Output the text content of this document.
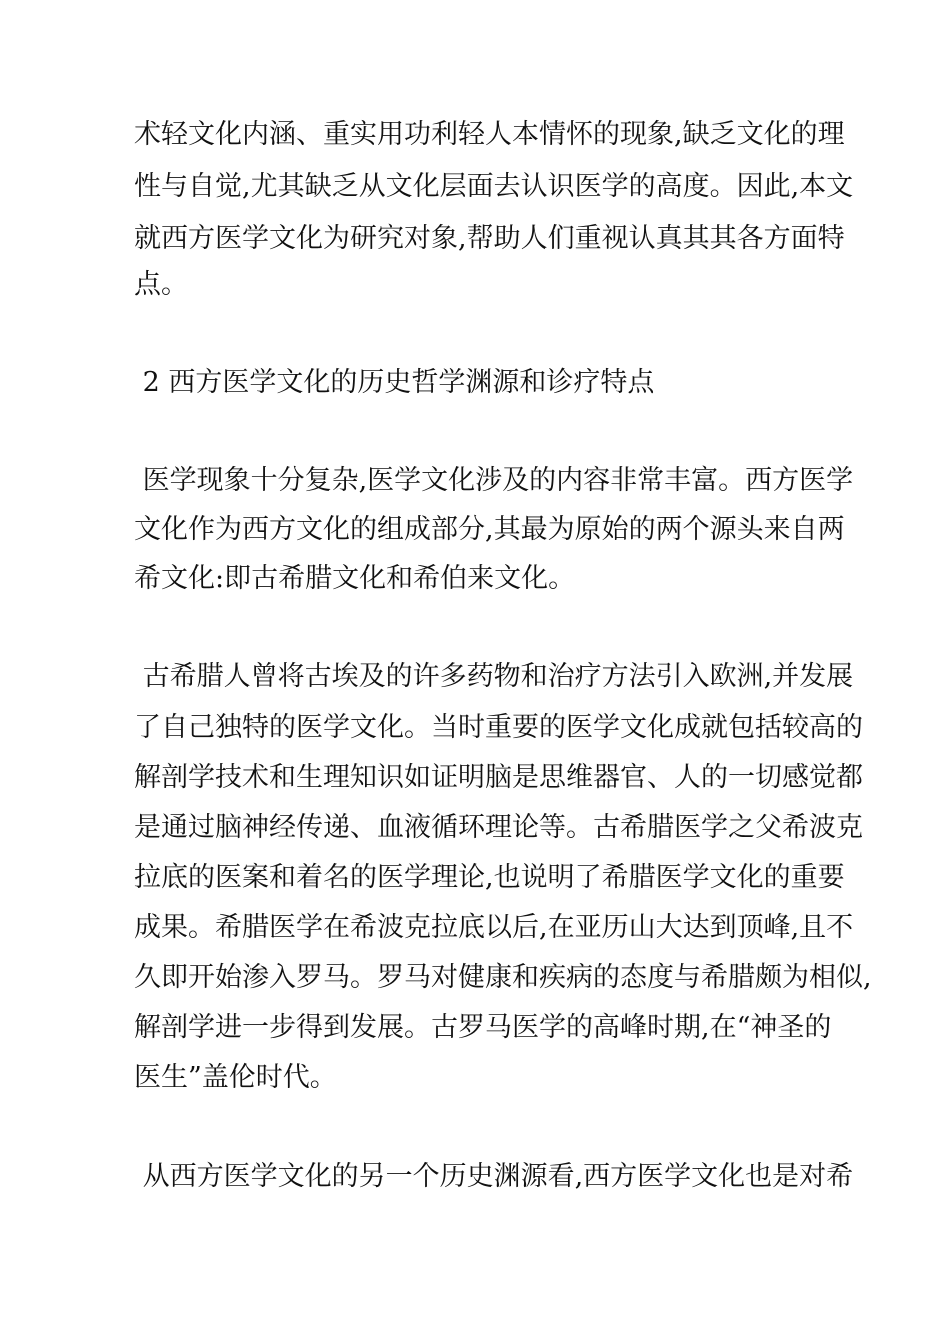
术轻文化内涵、重实用功利轻人本情怀的现象,缺乏文化的理

性与自觉,尤其缺乏从文化层面去认识医学的高度。因此,本文

就西方医学文化为研究对象,帮助人们重视认真其其各方面特

点。

2 西方医学文化的历史哲学渊源和诊疗特点

医学现象十分复杂,医学文化涉及的内容非常丰富。西方医学

文化作为西方文化的组成部分,其最为原始的两个源头来自两

希文化:即古希腊文化和希伯来文化。

古希腊人曾将古埃及的许多药物和治疗方法引入欧洲,并发展

了自己独特的医学文化。当时重要的医学文化成就包括较高的

解剖学技术和生理知识如证明脑是思维器官、人的一切感觉都

是通过脑神经传递、血液循环理论等。古希腊医学之父希波克

拉底的医案和着名的医学理论,也说明了希腊医学文化的重要

成果。希腊医学在希波克拉底以后,在亚历山大达到顶峰,且不

久即开始渗入罗马。罗马对健康和疾病的态度与希腊颇为相似,

解剖学进一步得到发展。古罗马医学的高峰时期,在“神圣的

医生”盖伦时代。

从西方医学文化的另一个历史渊源看,西方医学文化也是对希
